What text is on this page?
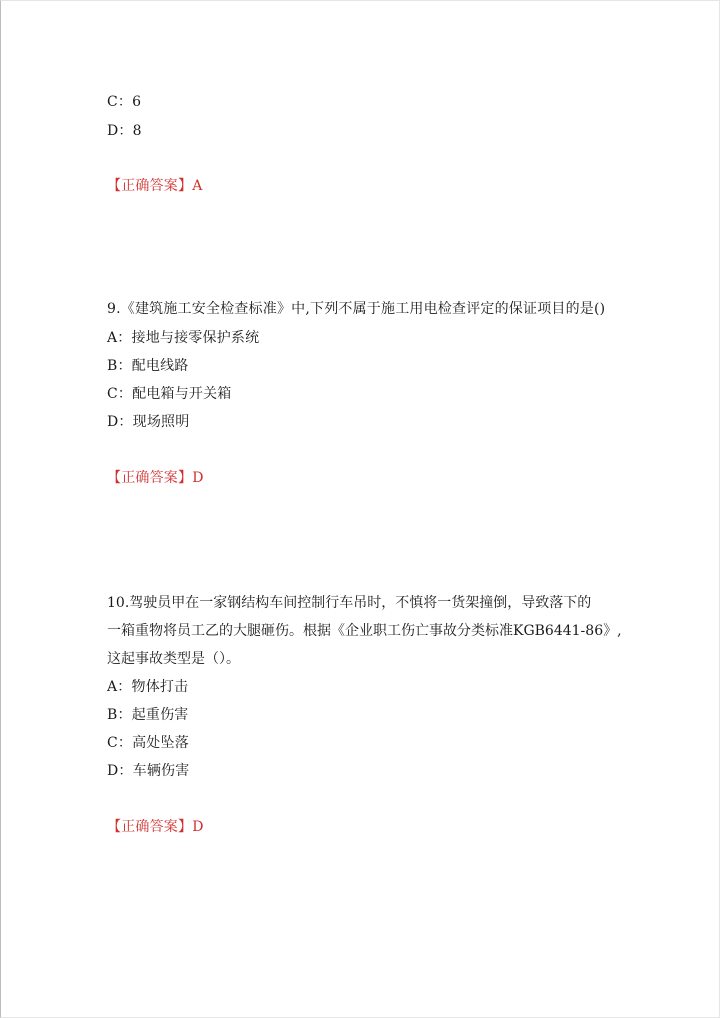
C：6
D：8
【正确答案】A
9.《建筑施工安全检查标准》中,下列不属于施工用电检查评定的保证项目的是()
A：接地与接零保护系统
B：配电线路
C：配电箱与开关箱
D：现场照明
【正确答案】D
10.驾驶员甲在一家钢结构车间控制行车吊时，不慎将一货架撞倒，导致落下的
一箱重物将员工乙的大腿砸伤。根据《企业职工伤亡事故分类标准KGB6441-86》,
这起事故类型是（）。
A：物体打击
B：起重伤害
C：高处坠落
D：车辆伤害
【正确答案】D
